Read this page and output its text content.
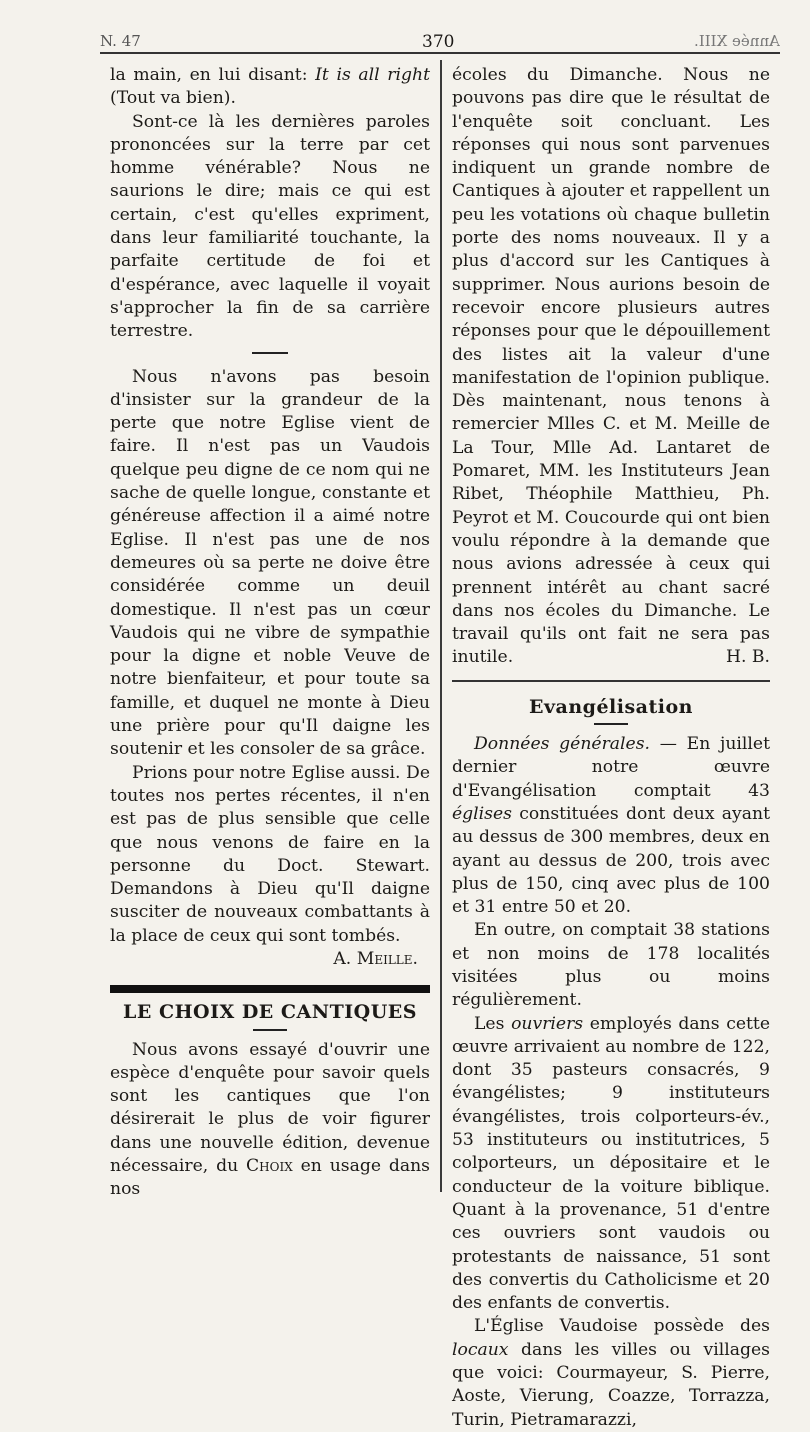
N. 47	370	Année XIII.

la main, en lui disant: It is all right (Tout va bien).

Sont-ce là les dernières paroles prononcées sur la terre par cet homme vénérable? Nous ne saurions le dire; mais ce qui est certain, c'est qu'elles expriment, dans leur familiarité touchante, la parfaite certitude de foi et d'espérance, avec laquelle il voyait s'approcher la fin de sa carrière terrestre.

Nous n'avons pas besoin d'insister sur la grandeur de la perte que notre Eglise vient de faire. Il n'est pas un Vaudois quelque peu digne de ce nom qui ne sache de quelle longue, constante et généreuse affection il a aimé notre Eglise. Il n'est pas une de nos demeures où sa perte ne doive être considérée comme un deuil domestique. Il n'est pas un cœur Vaudois qui ne vibre de sympathie pour la digne et noble Veuve de notre bienfaiteur, et pour toute sa famille, et duquel ne monte à Dieu une prière pour qu'Il daigne les soutenir et les consoler de sa grâce.

Prions pour notre Eglise aussi. De toutes nos pertes récentes, il n'en est pas de plus sensible que celle que nous venons de faire en la personne du Doct. Stewart. Demandons à Dieu qu'Il daigne susciter de nouveaux combattants à la place de ceux qui sont tombés.

A. Meille.

LE CHOIX DE CANTIQUES

Nous avons essayé d'ouvrir une espèce d'enquête pour savoir quels sont les cantiques que l'on désirerait le plus de voir figurer dans une nouvelle édition, devenue nécessaire, du Choix en usage dans nos

écoles du Dimanche. Nous ne pouvons pas dire que le résultat de l'enquête soit concluant. Les réponses qui nous sont parvenues indiquent un grande nombre de Cantiques à ajouter et rappellent un peu les votations où chaque bulletin porte des noms nouveaux. Il y a plus d'accord sur les Cantiques à supprimer. Nous aurions besoin de recevoir encore plusieurs autres réponses pour que le dépouillement des listes ait la valeur d'une manifestation de l'opinion publique. Dès maintenant, nous tenons à remercier Mlles C. et M. Meille de La Tour, Mlle Ad. Lantaret de Pomaret, MM. les Instituteurs Jean Ribet, Théophile Matthieu, Ph. Peyrot et M. Coucourde qui ont bien voulu répondre à la demande que nous avions adressée à ceux qui prennent intérêt au chant sacré dans nos écoles du Dimanche. Le travail qu'ils ont fait ne sera pas inutile.	H. B.

Evangélisation

Données générales. — En juillet dernier notre œuvre d'Evangélisation comptait 43 églises constituées dont deux ayant au dessus de 300 membres, deux en ayant au dessus de 200, trois avec plus de 150, cinq avec plus de 100 et 31 entre 50 et 20.

En outre, on comptait 38 stations et non moins de 178 localités visitées plus ou moins régulièrement.

Les ouvriers employés dans cette œuvre arrivaient au nombre de 122, dont 35 pasteurs consacrés, 9 évangélistes; 9 instituteurs évangélistes, trois colporteurs-év., 53 instituteurs ou institutrices, 5 colporteurs, un dépositaire et le conducteur de la voiture biblique. Quant à la provenance, 51 d'entre ces ouvriers sont vaudois ou protestants de naissance, 51 sont des convertis du Catholicisme et 20 des enfants de convertis.

L'Église Vaudoise possède des locaux dans les villes ou villages que voici: Courmayeur, S. Pierre, Aoste, Vierung, Coazze, Torrazza, Turin, Pietramarazzi,
